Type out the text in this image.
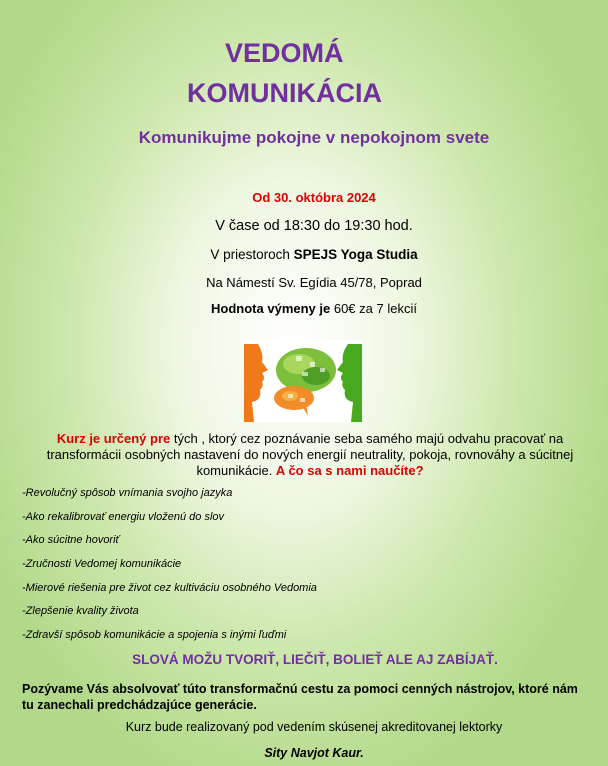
VEDOMÁ
KOMUNIKÁCIA
Komunikujme pokojne v nepokojnom svete
Od 30. októbra 2024
V čase od 18:30 do 19:30 hod.
V priestoroch SPEJS Yoga Studia
Na Námestí Sv. Egídia 45/78, Poprad
Hodnota výmeny je 60€ za 7 lekcií
Kurz je určený pre tých , ktorý cez poznávanie seba samého majú odvahu pracovať na transformácii osobných nastavení do nových energií neutrality, pokoja, rovnováhy a súcitnej komunikácie. A čo sa s nami naučíte?
-Revolučný spôsob vnímania svojho jazyka
-Ako rekalibrovať energiu vloženú do slov
-Ako súcitne hovoriť
-Zručnosti Vedomej komunikácie
-Mierové riešenia pre život cez kultiváciu osobného Vedomia
-Zlepšenie kvality života
-Zdravší spôsob komunikácie a spojenia s inými ľuďmi
SLOVÁ MOŽU TVORIŤ, LIEČIŤ, BOLIEŤ ALE AJ ZABÍJAŤ.
Pozývame Vás absolvovať túto transformačnú cestu za pomoci cenných nástrojov, ktoré nám tu zanechali predchádzajúce generácie.
Kurz bude realizovaný pod vedením skúsenej akreditovanej lektorky
Sity Navjot Kaur.
